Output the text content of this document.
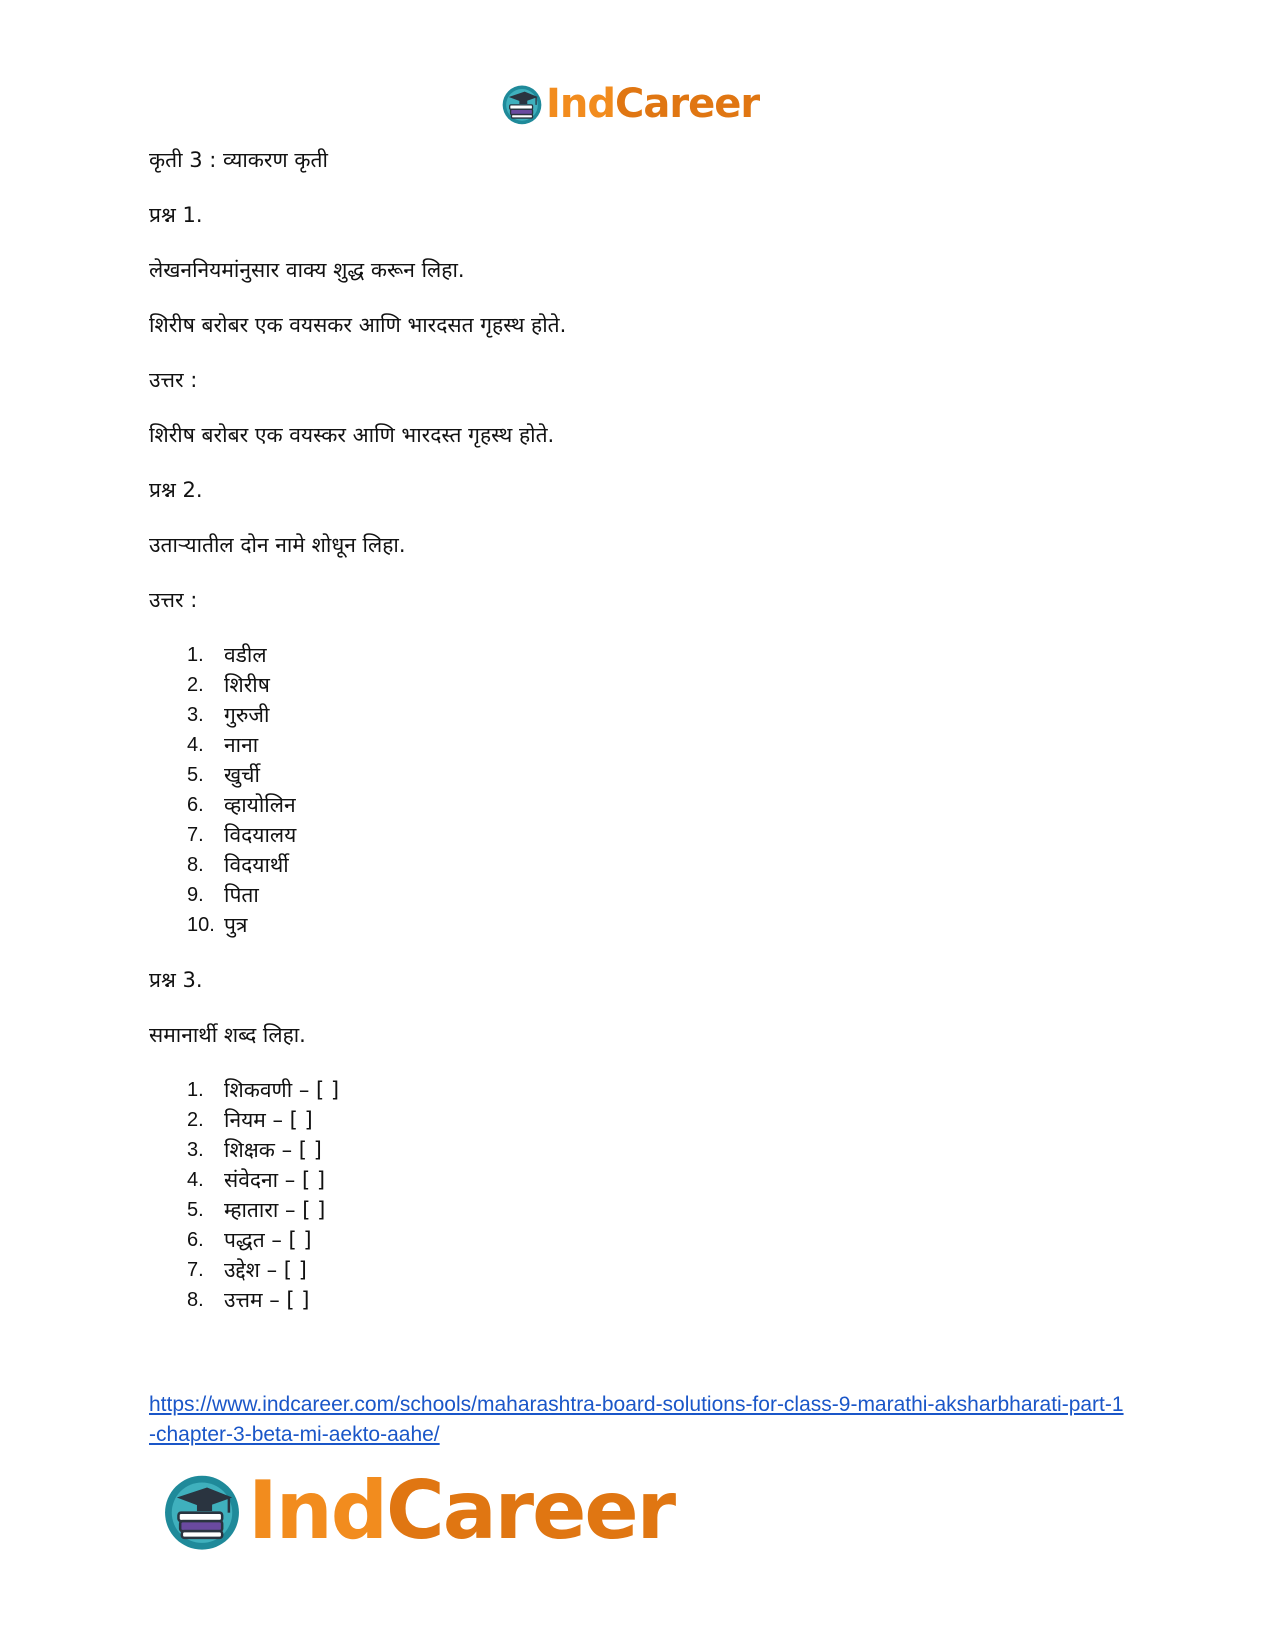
IndCareer

कृती 3 : व्याकरण कृती

प्रश्न 1.

लेखननियमांनुसार वाक्य शुद्ध करून लिहा.

शिरीष बरोबर एक वयसकर आणि भारदसत गृहस्थ होते.

उत्तर :

शिरीष बरोबर एक वयस्कर आणि भारदस्त गृहस्थ होते.

प्रश्न 2.

उताऱ्यातील दोन नामे शोधून लिहा.

उत्तर :

1. वडील
2. शिरीष
3. गुरुजी
4. नाना
5. खुर्ची
6. व्हायोलिन
7. विदयालय
8. विदयार्थी
9. पिता
10. पुत्र

प्रश्न 3.

समानार्थी शब्द लिहा.

1. शिकवणी – [ ]
2. नियम – [ ]
3. शिक्षक – [ ]
4. संवेदना – [ ]
5. म्हातारा – [ ]
6. पद्धत – [ ]
7. उद्देश – [ ]
8. उत्तम – [ ]
https://www.indcareer.com/schools/maharashtra-board-solutions-for-class-9-marathi-aksharbharati-part-1-chapter-3-beta-mi-aekto-aahe/
IndCareer
